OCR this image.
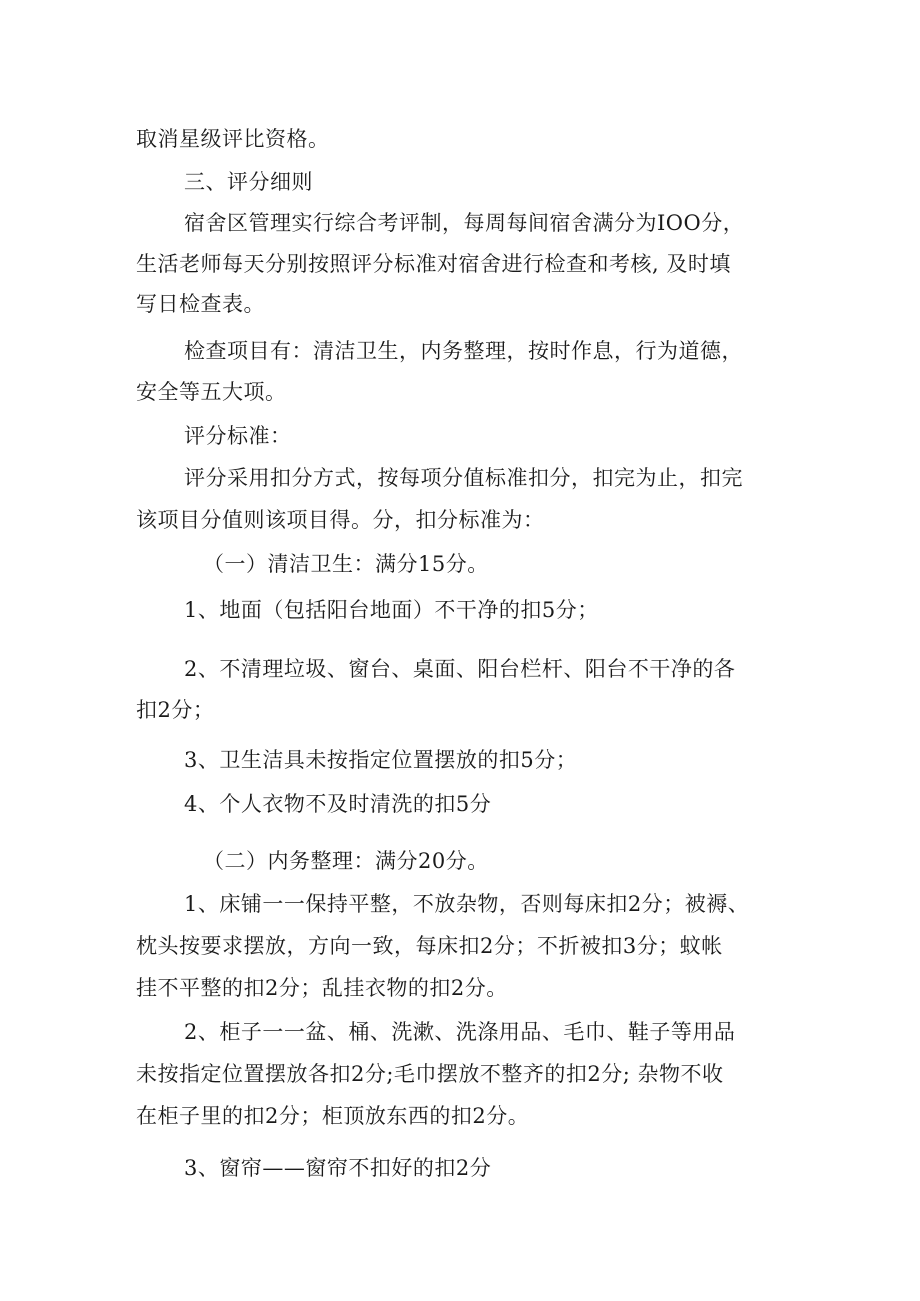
取消星级评比资格。
三、评分细则
宿舍区管理实行综合考评制，每周每间宿舍满分为IOO分，
生活老师每天分别按照评分标准对宿舍进行检查和考核, 及时填
写日检查表。
检查项目有：清洁卫生，内务整理，按时作息，行为道德，
安全等五大项。
评分标准：
评分采用扣分方式，按每项分值标准扣分，扣完为止，扣完
该项目分值则该项目得。分，扣分标准为：
（一）清洁卫生：满分15分。
1、地面（包括阳台地面）不干净的扣5分；
2、不清理垃圾、窗台、桌面、阳台栏杆、阳台不干净的各
扣2分；
3、卫生洁具未按指定位置摆放的扣5分；
4、个人衣物不及时清洗的扣5分
（二）内务整理：满分20分。
1、床铺一一保持平整，不放杂物，否则每床扣2分；被褥、
枕头按要求摆放，方向一致，每床扣2分；不折被扣3分；蚊帐
挂不平整的扣2分；乱挂衣物的扣2分。
2、柜子一一盆、桶、洗漱、洗涤用品、毛巾、鞋子等用品
未按指定位置摆放各扣2分;毛巾摆放不整齐的扣2分; 杂物不收
在柜子里的扣2分；柜顶放东西的扣2分。
3、窗帘——窗帘不扣好的扣2分
